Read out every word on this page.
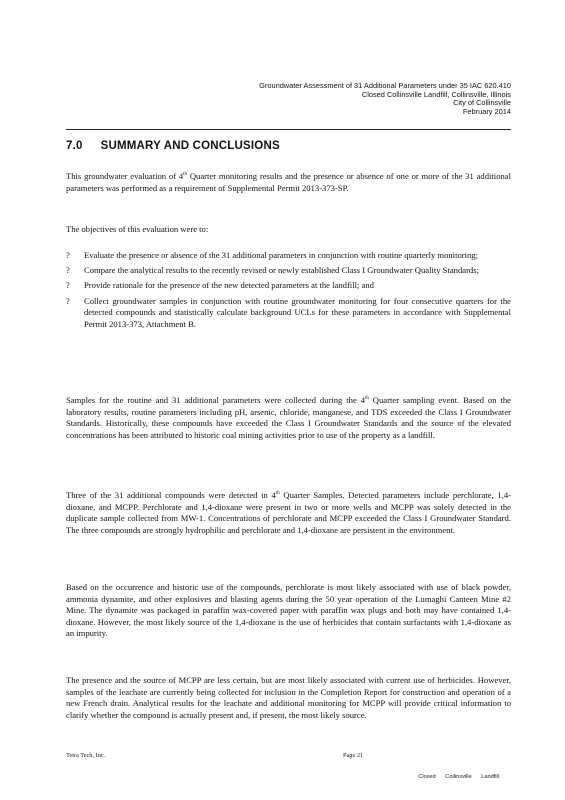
Groundwater Assessment of 31 Additional Parameters under 35 IAC 620.410
Closed Collinsville Landfill, Collinsville, Illinois
City of Collinsville
February 2014
7.0 SUMMARY AND CONCLUSIONS

This groundwater evaluation of 4th Quarter monitoring results and the presence or absence of one or more of the 31 additional parameters was performed as a requirement of Supplemental Permit 2013-373-SP.

The objectives of this evaluation were to:

? Evaluate the presence or absence of the 31 additional parameters in conjunction with routine quarterly monitoring;
? Compare the analytical results to the recently revised or newly established Class I Groundwater Quality Standards;
? Provide rationale for the presence of the new detected parameters at the landfill; and
? Collect groundwater samples in conjunction with routine groundwater monitoring for four consecutive quarters for the detected compounds and statistically calculate background UCLs for these parameters in accordance with Supplemental Permit 2013-373, Attachment B.

Samples for the routine and 31 additional parameters were collected during the 4th Quarter sampling event. Based on the laboratory results, routine parameters including pH, arsenic, chloride, manganese, and TDS exceeded the Class I Groundwater Standards. Historically, these compounds have exceeded the Class I Groundwater Standards and the source of the elevated concentrations has been attributed to historic coal mining activities prior to use of the property as a landfill.

Three of the 31 additional compounds were detected in 4th Quarter Samples. Detected parameters include perchlorate, 1,4-dioxane, and MCPP. Perchlorate and 1,4-dioxane were present in two or more wells and MCPP was solely detected in the duplicate sample collected from MW-1. Concentrations of perchlorate and MCPP exceeded the Class I Groundwater Standard. The three compounds are strongly hydrophilic and perchlorate and 1,4-dioxane are persistent in the environment.

Based on the occurrence and historic use of the compounds, perchlorate is most likely associated with use of black powder, ammonia dynamite, and other explosives and blasting agents during the 50 year operation of the Lumaghi Canteen Mine #2 Mine. The dynamite was packaged in paraffin wax-covered paper with paraffin wax plugs and both may have contained 1,4-dioxane. However, the most likely source of the 1,4-dioxane is the use of herbicides that contain surfactants with 1,4-dioxane as an impurity.

The presence and the source of MCPP are less certain, but are most likely associated with current use of herbicides. However, samples of the leachate are currently being collected for inclusion in the Completion Report for construction and operation of a new French drain. Analytical results for the leachate and additional monitoring for MCPP will provide critical information to clarify whether the compound is actually present and, if present, the most likely source.

Tetra Tech, Inc.	Page 21
Closed Collinsville Landfill
